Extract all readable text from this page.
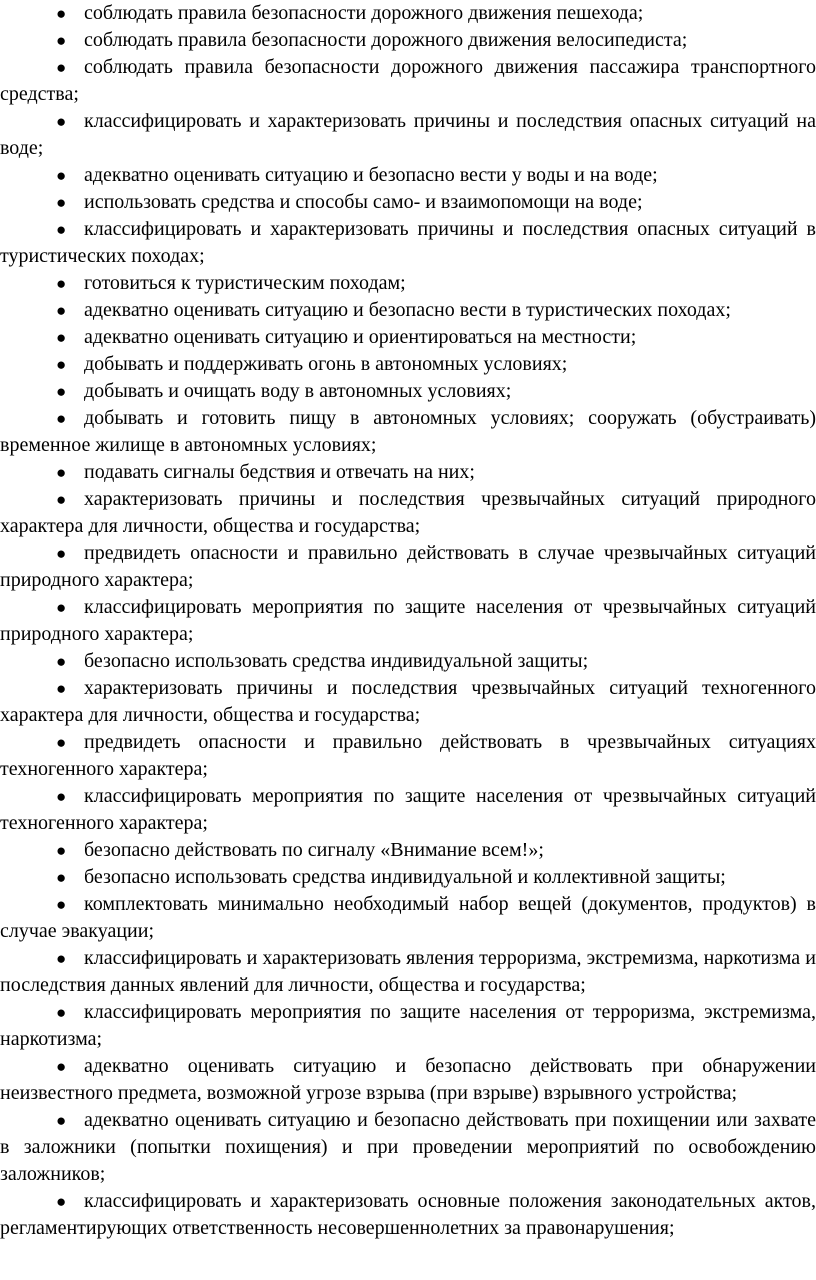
● соблюдать правила безопасности дорожного движения пешехода;
● соблюдать правила безопасности дорожного движения велосипедиста;
● соблюдать правила безопасности дорожного движения пассажира транспортного средства;
● классифицировать и характеризовать причины и последствия опасных ситуаций на воде;
● адекватно оценивать ситуацию и безопасно вести у воды и на воде;
● использовать средства и способы само- и взаимопомощи на воде;
● классифицировать и характеризовать причины и последствия опасных ситуаций в туристических походах;
● готовиться к туристическим походам;
● адекватно оценивать ситуацию и безопасно вести в туристических походах;
● адекватно оценивать ситуацию и ориентироваться на местности;
● добывать и поддерживать огонь в автономных условиях;
● добывать и очищать воду в автономных условиях;
● добывать и готовить пищу в автономных условиях; сооружать (обустраивать) временное жилище в автономных условиях;
● подавать сигналы бедствия и отвечать на них;
● характеризовать причины и последствия чрезвычайных ситуаций природного характера для личности, общества и государства;
● предвидеть опасности и правильно действовать в случае чрезвычайных ситуаций природного характера;
● классифицировать мероприятия по защите населения от чрезвычайных ситуаций природного характера;
● безопасно использовать средства индивидуальной защиты;
● характеризовать причины и последствия чрезвычайных ситуаций техногенного характера для личности, общества и государства;
● предвидеть опасности и правильно действовать в чрезвычайных ситуациях техногенного характера;
● классифицировать мероприятия по защите населения от чрезвычайных ситуаций техногенного характера;
● безопасно действовать по сигналу «Внимание всем!»;
● безопасно использовать средства индивидуальной и коллективной защиты;
● комплектовать минимально необходимый набор вещей (документов, продуктов) в случае эвакуации;
● классифицировать и характеризовать явления терроризма, экстремизма, наркотизма и последствия данных явлений для личности, общества и государства;
● классифицировать мероприятия по защите населения от терроризма, экстремизма, наркотизма;
● адекватно оценивать ситуацию и безопасно действовать при обнаружении неизвестного предмета, возможной угрозе взрыва (при взрыве) взрывного устройства;
● адекватно оценивать ситуацию и безопасно действовать при похищении или захвате в заложники (попытки похищения) и при проведении мероприятий по освобождению заложников;
● классифицировать и характеризовать основные положения законодательных актов, регламентирующих ответственность несовершеннолетних за правонарушения;
